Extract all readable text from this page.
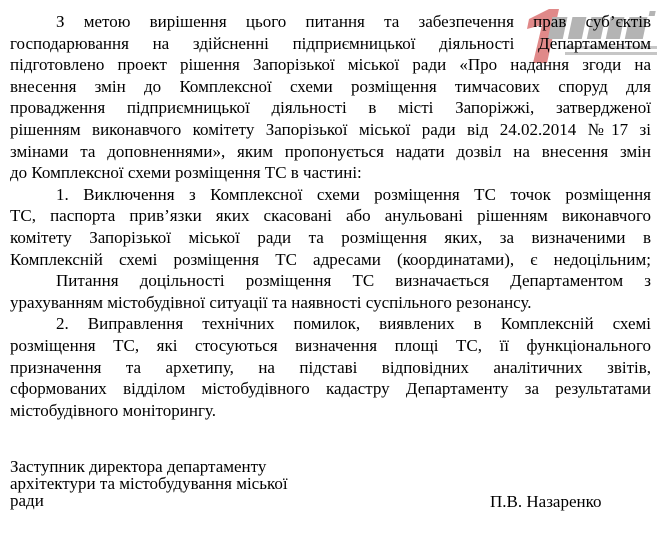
З метою вирішення цього питання та забезпечення прав суб’єктів
господарювання на здійсненні підприємницької діяльності Департаментом
підготовлено проект рішення Запорізької міської ради «Про надання згоди на
внесення змін до Комплексної схеми розміщення тимчасових споруд для
провадження підприємницької діяльності в місті Запоріжжі, затвердженої
рішенням виконавчого комітету Запорізької міської ради від 24.02.2014 №17 зі
змінами та доповненнями», яким пропонується надати дозвіл на внесення змін
до Комплексної схеми розміщення ТС в частині:
1. Виключення з Комплексної схеми розміщення ТС точок розміщення
ТС, паспорта прив’язки яких скасовані або анульовані рішенням виконавчого
комітету Запорізької міської ради та розміщення яких, за визначеними в
Комплексній схемі розміщення ТС адресами (координатами), є недоцільним;
Питання доцільності розміщення ТС визначається Департаментом з
урахуванням містобудівної ситуації та наявності суспільного резонансу.
2. Виправлення технічних помилок, виявлених в Комплексній схемі
розміщення ТС, які стосуються визначення площі ТС, її функціонального
призначення та архетипу, на підставі відповідних аналітичних звітів,
сформованих відділом містобудівного кадастру Департаменту за результатами
містобудівного моніторингу.
Заступник директора департаменту
архітектури та містобудування міської
ради	П.В. Назаренко
